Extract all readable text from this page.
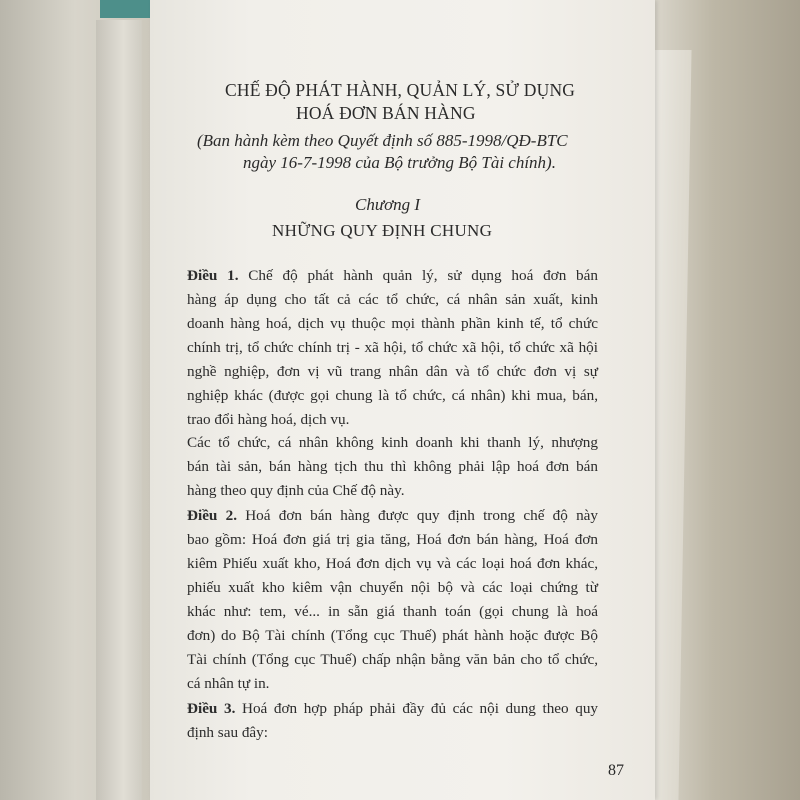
CHẾ ĐỘ PHÁT HÀNH, QUẢN LÝ, SỬ DỤNG
HOÁ ĐƠN BÁN HÀNG
(Ban hành kèm theo Quyết định số 885-1998/QĐ-BTC
ngày 16-7-1998 của Bộ trưởng Bộ Tài chính).
Chương I
NHỮNG QUY ĐỊNH CHUNG
Điều 1. Chế độ phát hành quản lý, sử dụng hoá đơn bán
hàng áp dụng cho tất cả các tổ chức, cá nhân sản xuất, kinh
doanh hàng hoá, dịch vụ thuộc mọi thành phần kinh tế, tổ chức
chính trị, tổ chức chính trị - xã hội, tổ chức xã hội, tổ chức xã hội
nghề nghiệp, đơn vị vũ trang nhân dân và tổ chức đơn vị sự
nghiệp khác (được gọi chung là tổ chức, cá nhân) khi mua, bán,
trao đổi hàng hoá, dịch vụ.
Các tổ chức, cá nhân không kinh doanh khi thanh lý, nhượng
bán tài sản, bán hàng tịch thu thì không phải lập hoá đơn bán
hàng theo quy định của Chế độ này.
Điều 2. Hoá đơn bán hàng được quy định trong chế độ này
bao gồm: Hoá đơn giá trị gia tăng, Hoá đơn bán hàng, Hoá đơn
kiêm Phiếu xuất kho, Hoá đơn dịch vụ và các loại hoá đơn khác,
phiếu xuất kho kiêm vận chuyển nội bộ và các loại chứng từ
khác như: tem, vé... in sẵn giá thanh toán (gọi chung là hoá
đơn) do Bộ Tài chính (Tổng cục Thuế) phát hành hoặc được Bộ
Tài chính (Tổng cục Thuế) chấp nhận bằng văn bản cho tổ chức,
cá nhân tự in.
Điều 3. Hoá đơn hợp pháp phải đầy đủ các nội dung theo quy
định sau đây:
87
